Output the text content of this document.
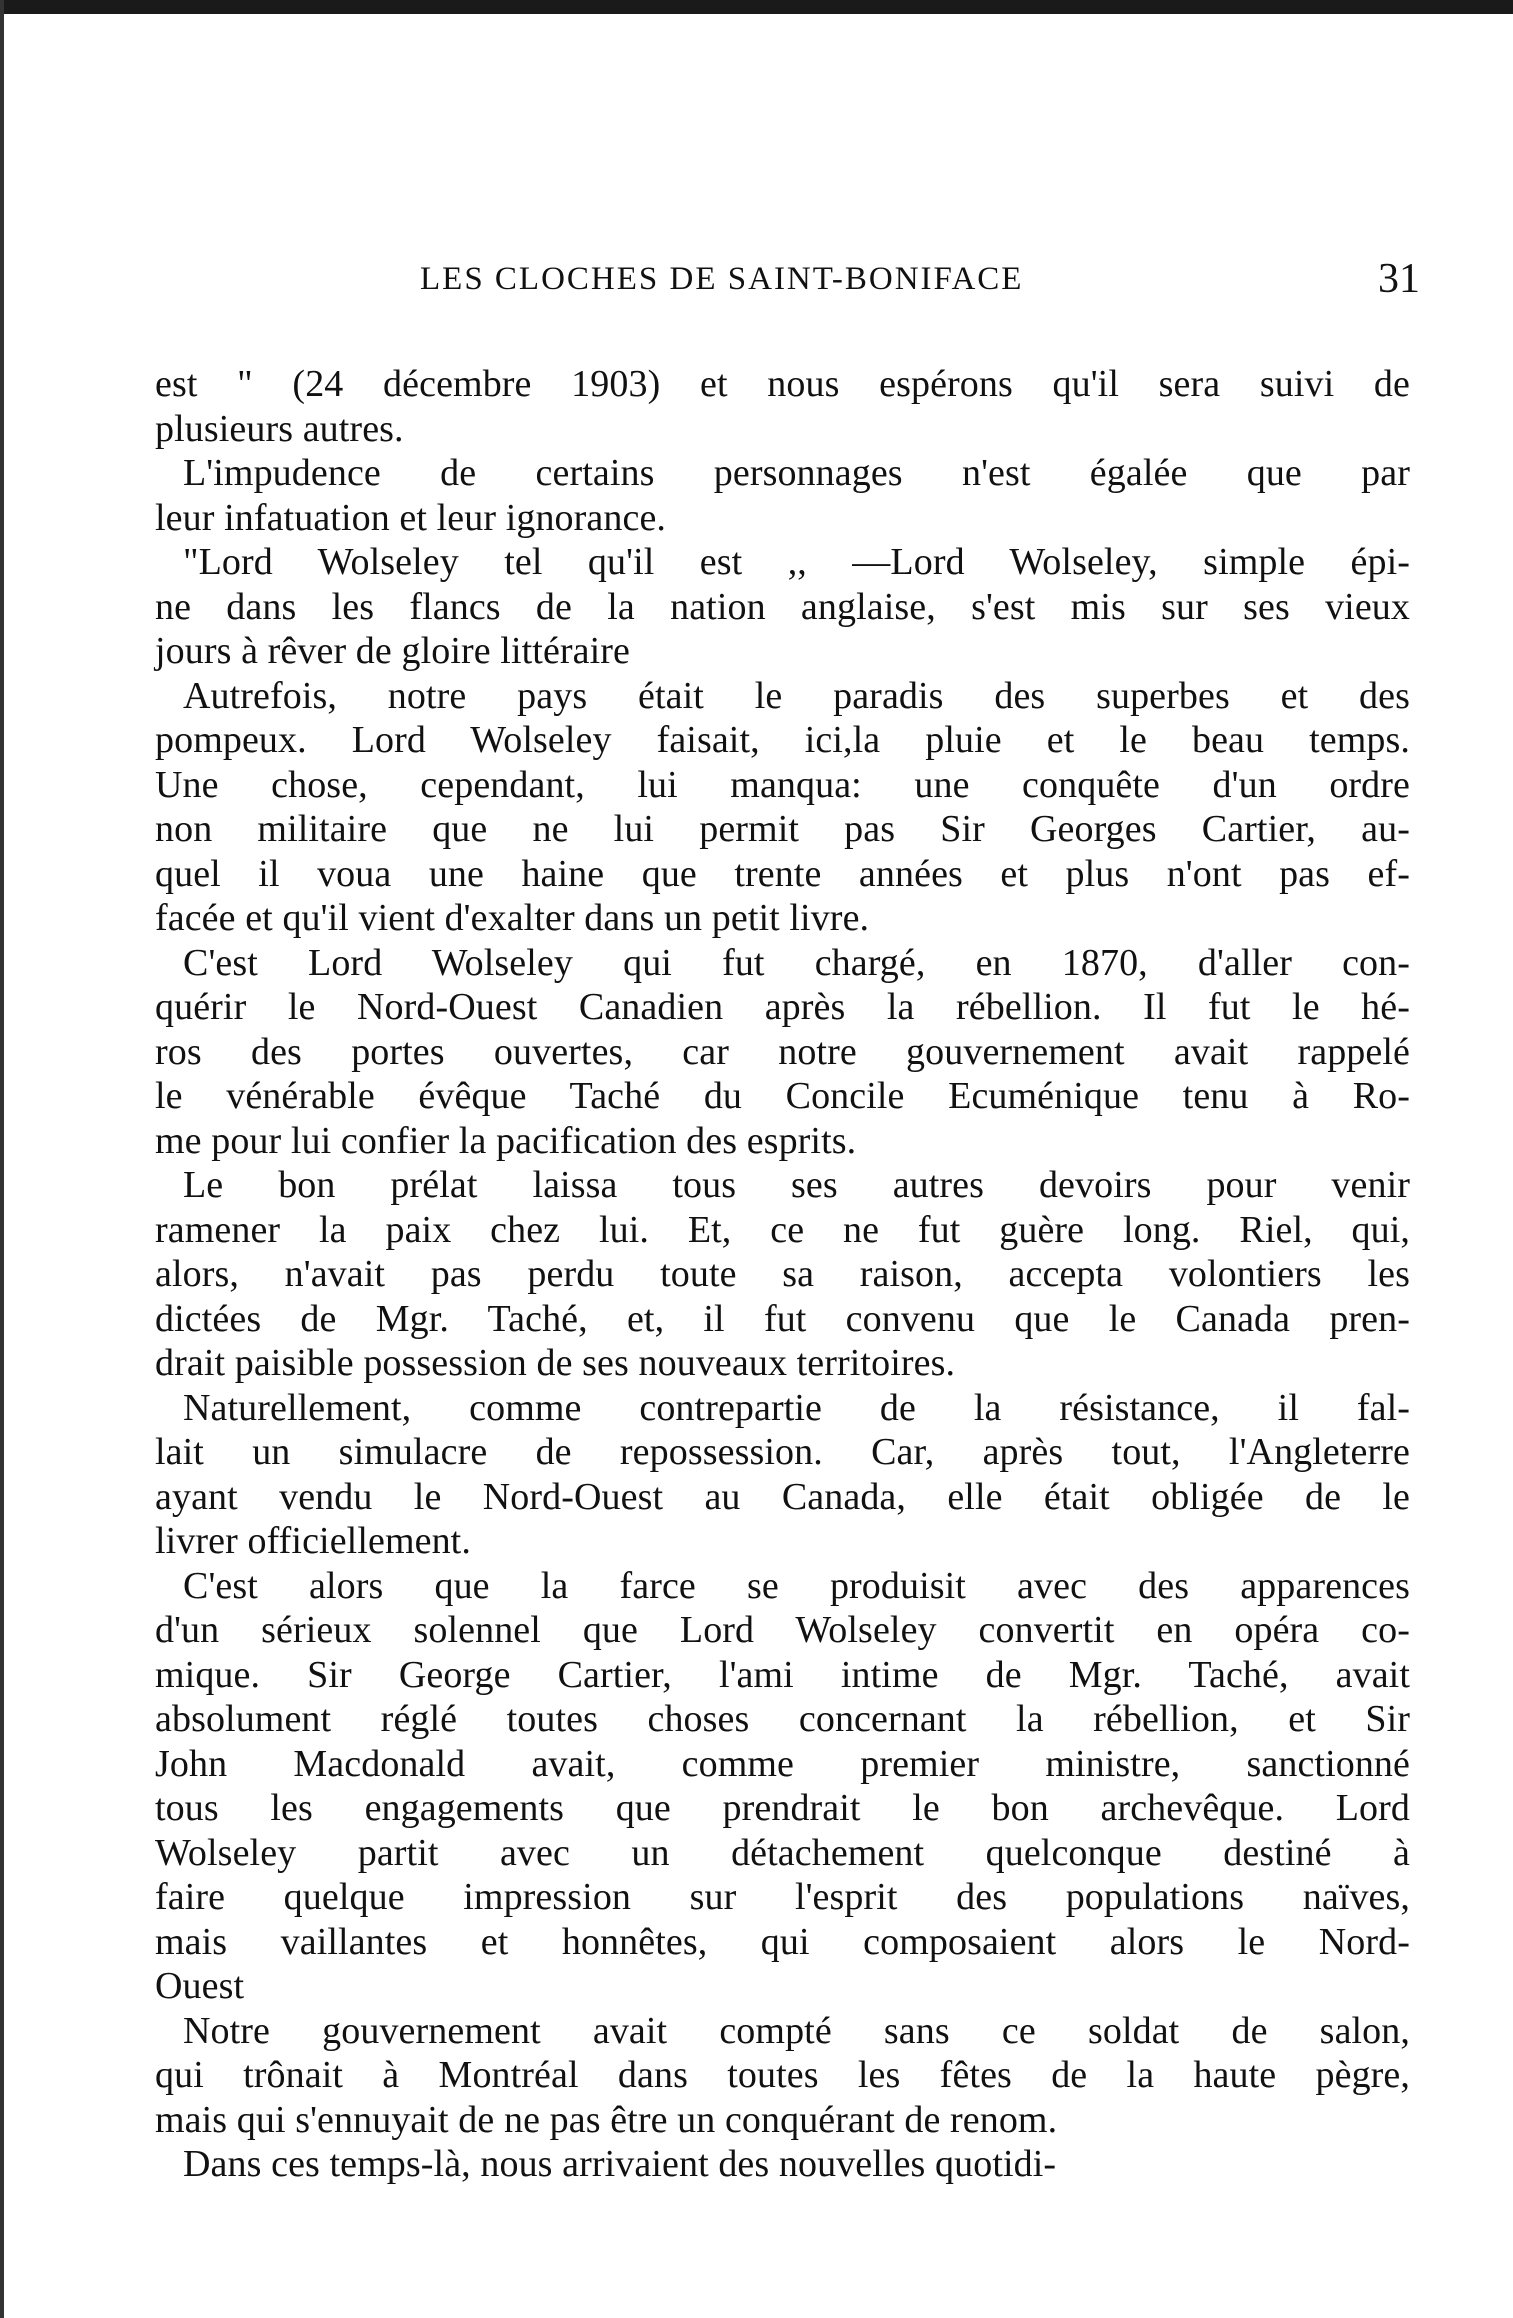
LES CLOCHES DE SAINT-BONIFACE	31

est " (24 décembre 1903) et nous espérons qu'il sera suivi de
plusieurs autres.

L'impudence de certains personnages n'est égalée que par
leur infatuation et leur ignorance.

"Lord Wolseley tel qu'il est ,, —Lord Wolseley, simple épi-
ne dans les flancs de la nation anglaise, s'est mis sur ses vieux
jours à rêver de gloire littéraire

Autrefois, notre pays était le paradis des superbes et des
pompeux. Lord Wolseley faisait, ici,la pluie et le beau temps.
Une chose, cependant, lui manqua: une conquête d'un ordre
non militaire que ne lui permit pas Sir Georges Cartier, au-
quel il voua une haine que trente années et plus n'ont pas ef-
facée et qu'il vient d'exalter dans un petit livre.

C'est Lord Wolseley qui fut chargé, en 1870, d'aller con-
quérir le Nord-Ouest Canadien après la rébellion. Il fut le hé-
ros des portes ouvertes, car notre gouvernement avait rappelé
le vénérable évêque Taché du Concile Ecuménique tenu à Ro-
me pour lui confier la pacification des esprits.

Le bon prélat laissa tous ses autres devoirs pour venir
ramener la paix chez lui. Et, ce ne fut guère long. Riel, qui,
alors, n'avait pas perdu toute sa raison, accepta volontiers les
dictées de Mgr. Taché, et, il fut convenu que le Canada pren-
drait paisible possession de ses nouveaux territoires.

Naturellement, comme contrepartie de la résistance, il fal-
lait un simulacre de repossession. Car, après tout, l'Angleterre
ayant vendu le Nord-Ouest au Canada, elle était obligée de le
livrer officiellement.

C'est alors que la farce se produisit avec des apparences
d'un sérieux solennel que Lord Wolseley convertit en opéra co-
mique. Sir George Cartier, l'ami intime de Mgr. Taché, avait
absolument réglé toutes choses concernant la rébellion, et Sir
John Macdonald avait, comme premier ministre, sanctionné
tous les engagements que prendrait le bon archevêque. Lord
Wolseley partit avec un détachement quelconque destiné à
faire quelque impression sur l'esprit des populations naïves,
mais vaillantes et honnêtes, qui composaient alors le Nord-
Ouest

Notre gouvernement avait compté sans ce soldat de salon,
qui trônait à Montréal dans toutes les fêtes de la haute pègre,
mais qui s'ennuyait de ne pas être un conquérant de renom.

Dans ces temps-là, nous arrivaient des nouvelles quotidi-
